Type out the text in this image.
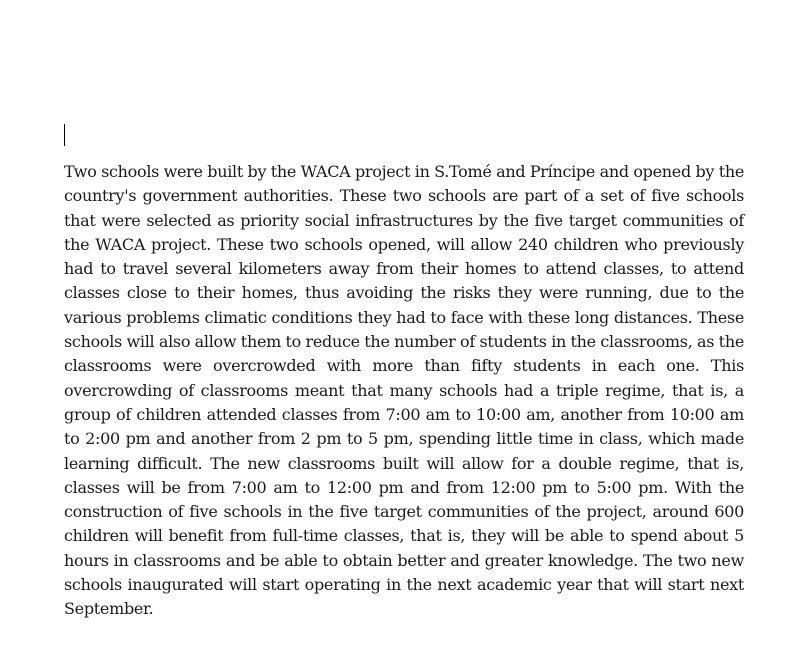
Two schools were built by the WACA project in S.Tomé and Príncipe and opened by the country's government authorities. These two schools are part of a set of five schools that were selected as priority social infrastructures by the five target communities of the WACA project. These two schools opened, will allow 240 children who previously had to travel several kilometers away from their homes to attend classes, to attend classes close to their homes, thus avoiding the risks they were running, due to the various problems climatic conditions they had to face with these long distances. These schools will also allow them to reduce the number of students in the classrooms, as the classrooms were overcrowded with more than fifty students in each one. This overcrowding of classrooms meant that many schools had a triple regime, that is, a group of children attended classes from 7:00 am to 10:00 am, another from 10:00 am to 2:00 pm and another from 2 pm to 5 pm, spending little time in class, which made learning difficult. The new classrooms built will allow for a double regime, that is, classes will be from 7:00 am to 12:00 pm and from 12:00 pm to 5:00 pm. With the construction of five schools in the five target communities of the project, around 600 children will benefit from full-time classes, that is, they will be able to spend about 5 hours in classrooms and be able to obtain better and greater knowledge. The two new schools inaugurated will start operating in the next academic year that will start next September.
